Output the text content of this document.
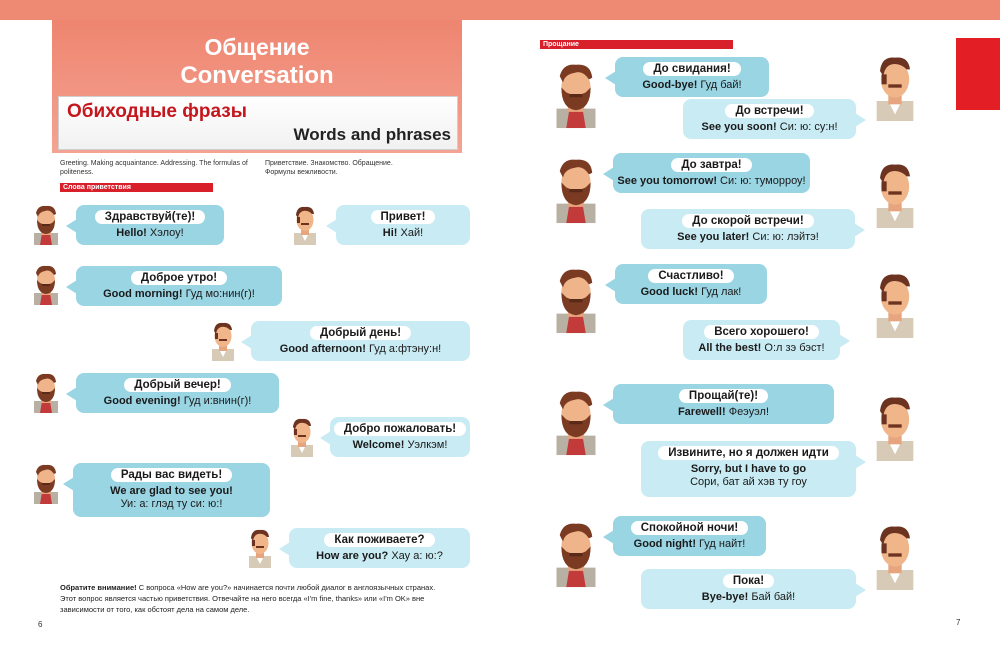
Общение
Conversation
Обиходные фразы
Words and phrases
Greeting. Making acquaintance. Addressing. The formulas of politeness.
Приветствие. Знакомство. Обращение. Формулы вежливости.
Слова приветствия
Здравствуй(те)!
Hello! Хэлоу!
Привет!
Hi! Хай!
Доброе утро!
Good morning! Гуд мо:нин(г)!
Добрый день!
Good afternoon! Гуд а:фтэну:н!
Добрый вечер!
Good evening! Гуд и:внин(г)!
Добро пожаловать!
Welcome! Уэлкэм!
Рады вас видеть!
We are glad to see you!
Уи: а: глэд ту си: ю:!
Как поживаете?
How are you? Хау а: ю:?
Обратите внимание! С вопроса «How are you?» начинается почти любой диалог в англоязычных странах. Этот вопрос является частью приветствия. Отвечайте на него всегда «I'm fine, thanks» или «I'm OK» вне зависимости от того, как обстоят дела на самом деле.
6
Прощание
До свидания!
Good-bye! Гуд бай!
До встречи!
See you soon! Си: ю: су:н!
До завтра!
See you tomorrow! Си: ю: туморроу!
До скорой встречи!
See you later! Си: ю: лэйтэ!
Счастливо!
Good luck! Гуд лак!
Всего хорошего!
All the best! О:л зэ бэст!
Прощай(те)!
Farewell! Феэуэл!
Извините, но я должен идти
Sorry, but I have to go
Сори, бат ай хэв ту гоу
Спокойной ночи!
Good night! Гуд найт!
Пока!
Bye-bye! Бай бай!
7
